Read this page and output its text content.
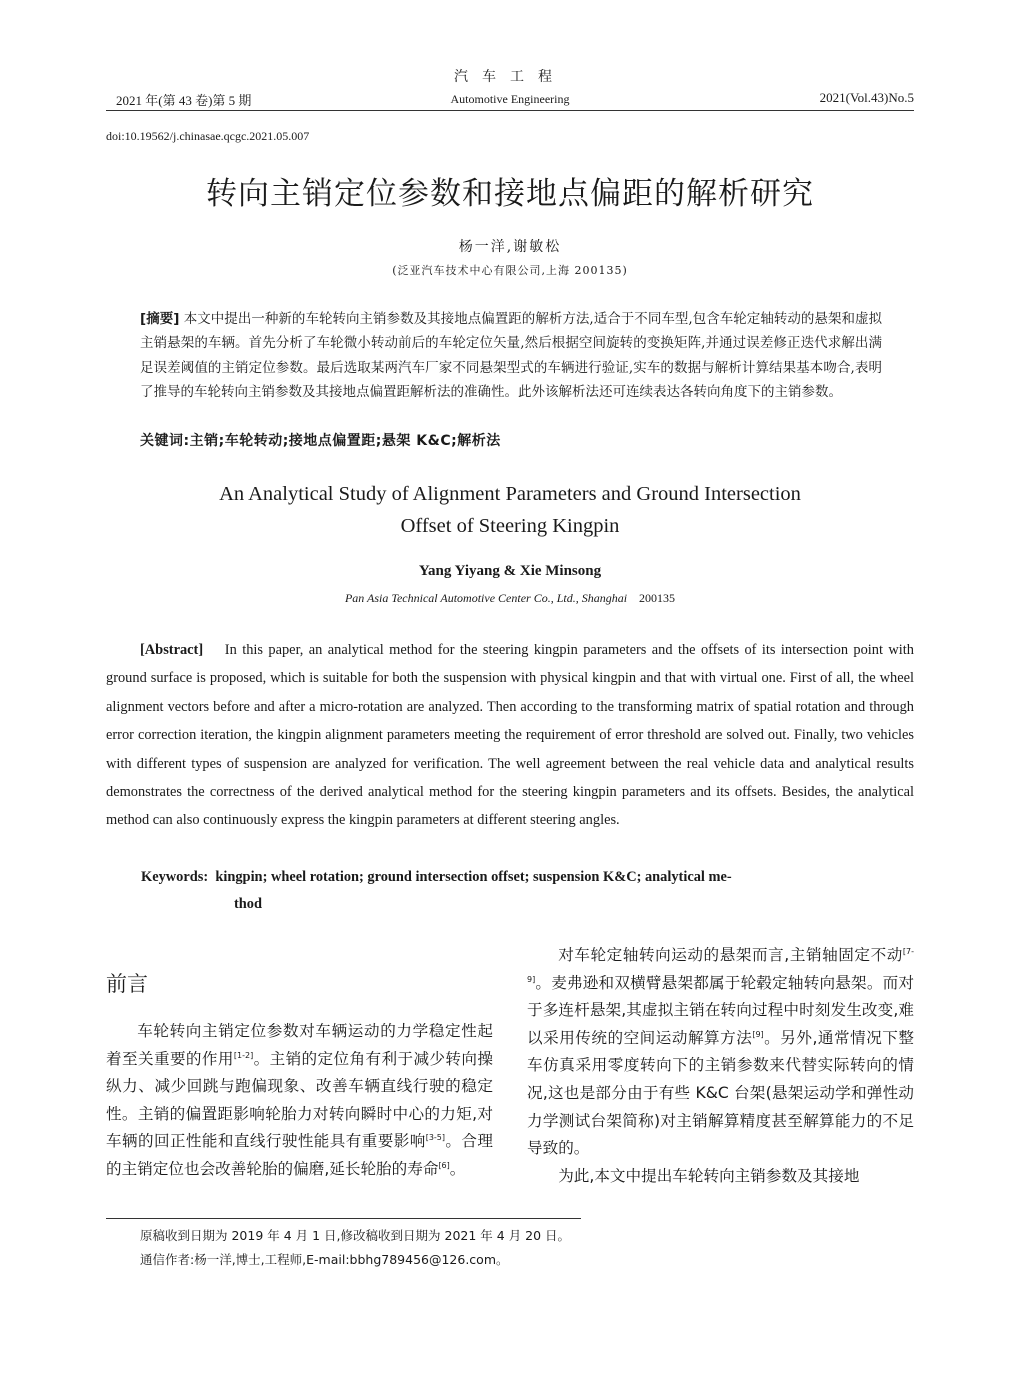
汽车工程
2021 年(第 43 卷)第 5 期	Automotive Engineering	2021(Vol.43)No.5
doi:10.19562/j.chinasae.qcgc.2021.05.007
转向主销定位参数和接地点偏距的解析研究
杨一洋,谢敏松
(泛亚汽车技术中心有限公司,上海 200135)
[摘要] 本文中提出一种新的车轮转向主销参数及其接地点偏置距的解析方法,适合于不同车型,包含车轮定轴转动的悬架和虚拟主销悬架的车辆。首先分析了车轮微小转动前后的车轮定位矢量,然后根据空间旋转的变换矩阵,并通过误差修正迭代求解出满足误差阈值的主销定位参数。最后选取某两汽车厂家不同悬架型式的车辆进行验证,实车的数据与解析计算结果基本吻合,表明了推导的车轮转向主销参数及其接地点偏置距解析法的准确性。此外该解析法还可连续表达各转向角度下的主销参数。
关键词:主销;车轮转动;接地点偏置距;悬架 K&C;解析法
An Analytical Study of Alignment Parameters and Ground Intersection
Offset of Steering Kingpin
Yang Yiyang & Xie Minsong
Pan Asia Technical Automotive Center Co., Ltd., Shanghai 200135
[Abstract] In this paper, an analytical method for the steering kingpin parameters and the offsets of its intersection point with ground surface is proposed, which is suitable for both the suspension with physical kingpin and that with virtual one. First of all, the wheel alignment vectors before and after a micro-rotation are analyzed. Then according to the transforming matrix of spatial rotation and through error correction iteration, the kingpin alignment parameters meeting the requirement of error threshold are solved out. Finally, two vehicles with different types of suspension are analyzed for verification. The well agreement between the real vehicle data and analytical results demonstrates the correctness of the derived analytical method for the steering kingpin parameters and its offsets. Besides, the analytical method can also continuously express the kingpin parameters at different steering angles.
Keywords: kingpin; wheel rotation; ground intersection offset; suspension K&C; analytical me-
thod
前言

车轮转向主销定位参数对车辆运动的力学稳定性起着至关重要的作用[1-2]。主销的定位角有利于减少转向操纵力、减少回跳与跑偏现象、改善车辆直线行驶的稳定性。主销的偏置距影响轮胎力对转向瞬时中心的力矩,对车辆的回正性能和直线行驶性能具有重要影响[3-5]。合理的主销定位也会改善轮胎的偏磨,延长轮胎的寿命[6]。

对车轮定轴转向运动的悬架而言,主销轴固定不动[7-9]。麦弗逊和双横臂悬架都属于轮毂定轴转向悬架。而对于多连杆悬架,其虚拟主销在转向过程中时刻发生改变,难以采用传统的空间运动解算方法[9]。另外,通常情况下整车仿真采用零度转向下的主销参数来代替实际转向的情况,这也是部分由于有些 K&C 台架(悬架运动学和弹性动力学测试台架简称)对主销解算精度甚至解算能力的不足导致的。

为此,本文中提出车轮转向主销参数及其接地

原稿收到日期为 2019 年 4 月 1 日,修改稿收到日期为 2021 年 4 月 20 日。
通信作者:杨一洋,博士,工程师,E-mail:bbhg789456@126.com。
